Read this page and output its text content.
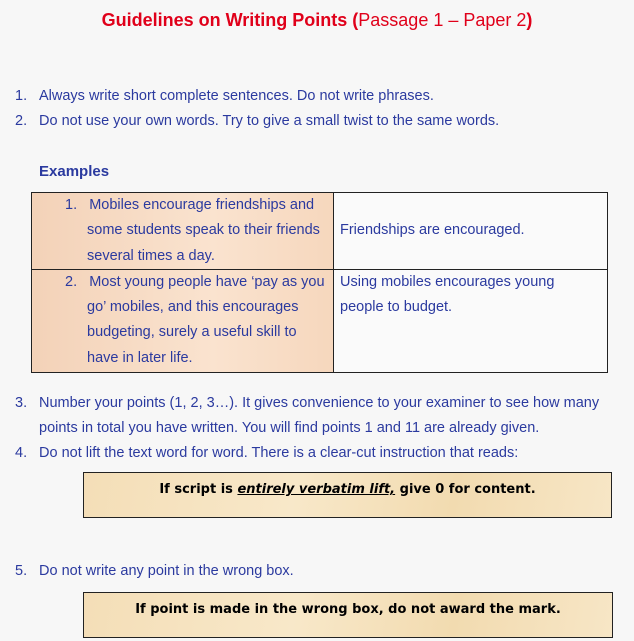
Guidelines on Writing Points (Passage 1 – Paper 2)
1. Always write short complete sentences. Do not write phrases.
2. Do not use your own words. Try to give a small twist to the same words.
Examples
1. Mobiles encourage friendships and some students speak to their friends several times a day.	Friendships are encouraged.
2. Most young people have ‘pay as you go’ mobiles, and this encourages budgeting, surely a useful skill to have in later life.	Using mobiles encourages young people to budget.
3. Number your points (1, 2, 3…). It gives convenience to your examiner to see how many
points in total you have written. You will find points 1 and 11 are already given.
4. Do not lift the text word for word. There is a clear-cut instruction that reads:
If script is entirely verbatim lift, give 0 for content.
5. Do not write any point in the wrong box.
If point is made in the wrong box, do not award the mark.
